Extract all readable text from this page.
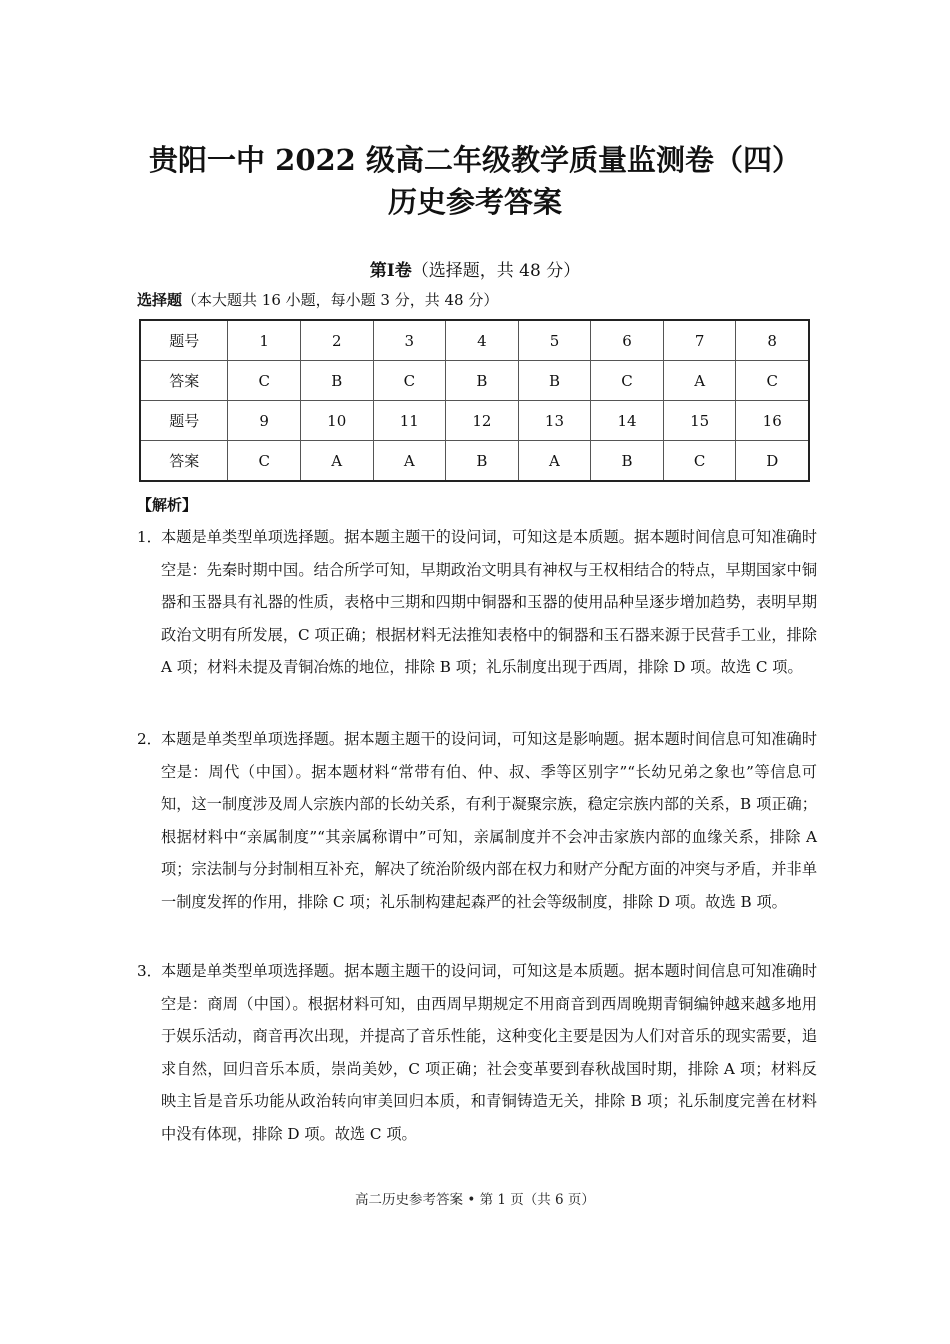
贵阳一中 2022 级高二年级教学质量监测卷（四）
历史参考答案
第Ⅰ卷（选择题，共 48 分）
选择题（本大题共 16 小题，每小题 3 分，共 48 分）
题号	1	2	3	4	5	6	7	8
答案	C	B	C	B	B	C	A	C
题号	9	10	11	12	13	14	15	16
答案	C	A	A	B	A	B	C	D
【解析】
1． 本题是单类型单项选择题。据本题主题干的设问词，可知这是本质题。据本题时间信息可知准确时空是：先秦时期中国。结合所学可知，早期政治文明具有神权与王权相结合的特点，早期国家中铜器和玉器具有礼器的性质，表格中三期和四期中铜器和玉器的使用品种呈逐步增加趋势，表明早期政治文明有所发展，C 项正确；根据材料无法推知表格中的铜器和玉石器来源于民营手工业，排除 A 项；材料未提及青铜冶炼的地位，排除 B 项；礼乐制度出现于西周，排除 D 项。故选 C 项。
2． 本题是单类型单项选择题。据本题主题干的设问词，可知这是影响题。据本题时间信息可知准确时空是：周代（中国）。据本题材料“常带有伯、仲、叔、季等区别字”“长幼兄弟之象也”等信息可知，这一制度涉及周人宗族内部的长幼关系，有利于凝聚宗族，稳定宗族内部的关系，B 项正确；根据材料中“亲属制度”“其亲属称谓中”可知，亲属制度并不会冲击家族内部的血缘关系，排除 A 项；宗法制与分封制相互补充，解决了统治阶级内部在权力和财产分配方面的冲突与矛盾，并非单一制度发挥的作用，排除 C 项；礼乐制构建起森严的社会等级制度，排除 D 项。故选 B 项。
3． 本题是单类型单项选择题。据本题主题干的设问词，可知这是本质题。据本题时间信息可知准确时空是：商周（中国）。根据材料可知，由西周早期规定不用商音到西周晚期青铜编钟越来越多地用于娱乐活动，商音再次出现，并提高了音乐性能，这种变化主要是因为人们对音乐的现实需要，追求自然，回归音乐本质，崇尚美妙，C 项正确；社会变革要到春秋战国时期，排除 A 项；材料反映主旨是音乐功能从政治转向审美回归本质，和青铜铸造无关，排除 B 项；礼乐制度完善在材料中没有体现，排除 D 项。故选 C 项。
高二历史参考答案 • 第 1 页（共 6 页）
